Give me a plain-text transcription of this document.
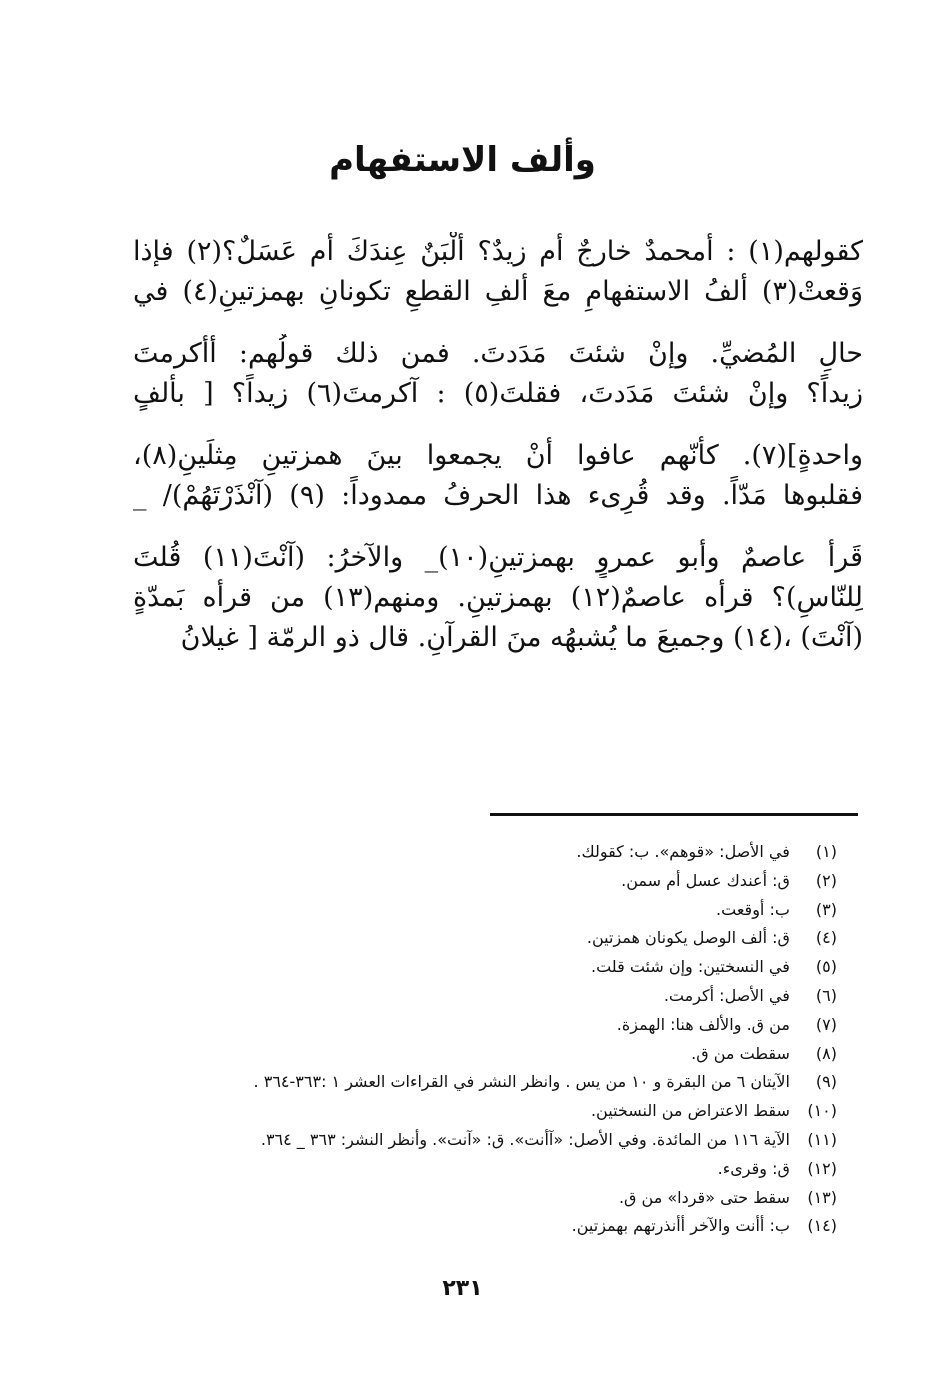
وألف الاستفهام
كقولهم(١) : أمحمدٌ خارجٌ أم زيدٌ؟ أَلْبَنٌ عِندَكَ أم عَسَلٌ؟(٢) فإذا
وَقعتْ(٣) ألفُ الاستفهامِ معَ ألفِ القطعِ تكونانِ بهمزتينِ(٤) في
حالِ المُضيِّ. وإنْ شئتَ مَدَدتَ. فمن ذلك قولُهم: أأكرمتَ
زيداً؟ وإنْ شئتَ مَدَدتَ، فقلتَ(٥) : آكرمتَ(٦) زيداً؟ [ بألفٍ
واحدةٍ](٧). كأنّهم عافوا أنْ يجمعوا بينَ همزتينِ مِثلَينِ(٨)،
فقلبوها مَدّاً. وقد قُرِىء هذا الحرفُ ممدوداً: (٩) (آنْذَرْتَهُمْ)/ _
قَرأ عاصمٌ وأبو عمروٍ بهمزتينِ(١٠)_ والآخرُ: (آنْتَ(١١) قُلتَ
لِلنّاسِ)؟ قرأه عاصمٌ(١٢) بهمزتينِ. ومنهم(١٣) من قرأه بَمدّةٍ
(آنْتَ) ،(١٤) وجميعَ ما يُشبهُه منَ القرآنِ. قال ذو الرمّة [ غيلانُ
(١) في الأصل: «قوهم». ب: كقولك.
(٢) ق: أعندك عسل أم سمن.
(٣) ب: أوقعت.
(٤) ق: ألف الوصل يكونان همزتين.
(٥) في النسختين: وإن شئت قلت.
(٦) في الأصل: أكرمت.
(٧) من ق. والألف هنا: الهمزة.
(٨) سقطت من ق.
(٩) الآيتان ٦ من البقرة و ١٠ من يس . وانظر النشر في القراءات العشر ١ :٣٦٣-٣٦٤ .
(١٠) سقط الاعتراض من النسختين.
(١١) الآية ١١٦ من المائدة. وفي الأصل: «آأنت». ق: «آنت». وأنظر النشر: ٣٦٣ _ ٣٦٤.
(١٢) ق: وقرىء.
(١٣) سقط حتى «قردا» من ق.
(١٤) ب: أأنت والآخر أأنذرتهم بهمزتين.
٢٣١
